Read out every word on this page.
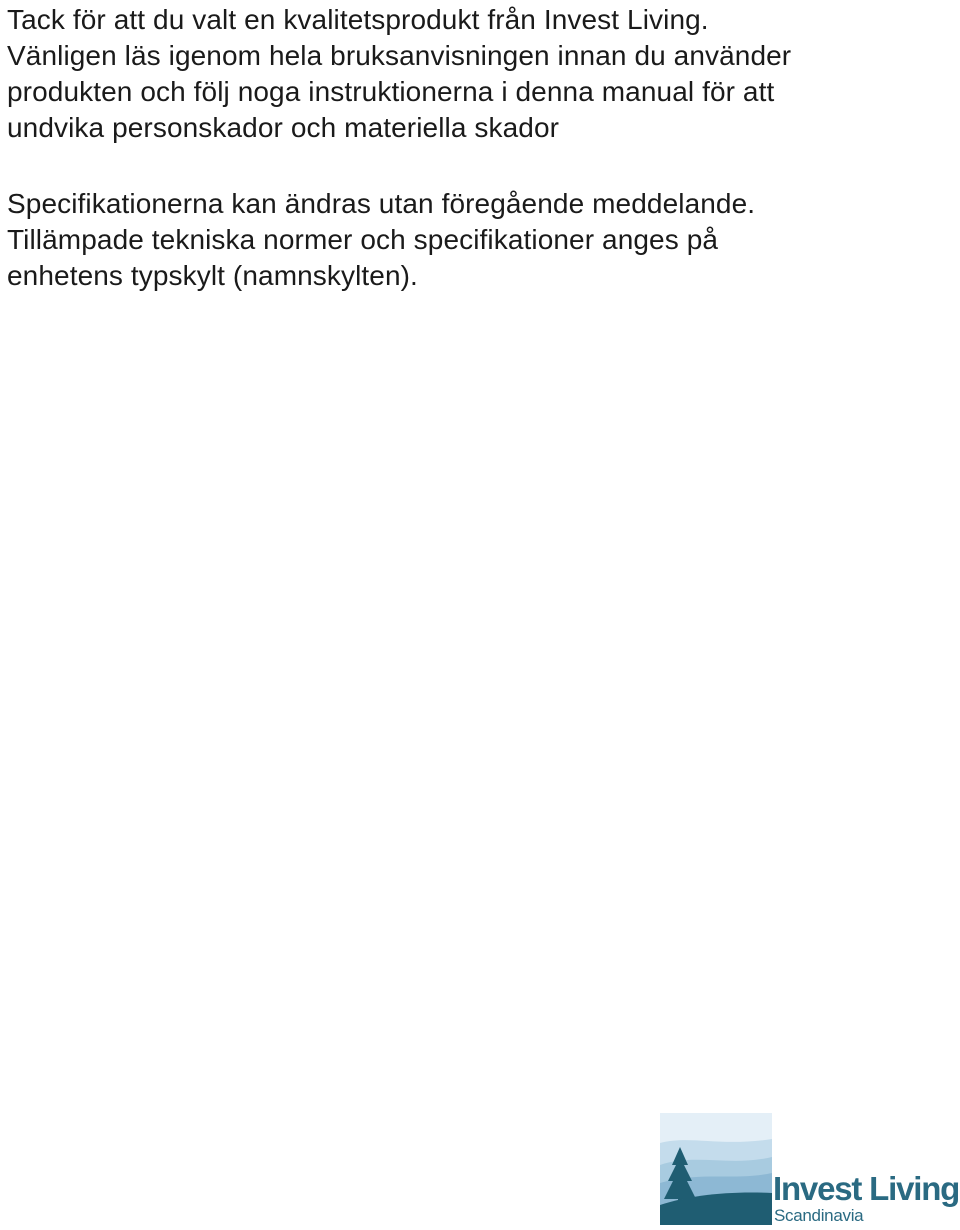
Tack för att du valt en kvalitetsprodukt från Invest Living.
Vänligen läs igenom hela bruksanvisningen innan du använder
produkten och följ noga instruktionerna i denna manual för att
undvika personskador och materiella skador

Specifikationerna kan ändras utan föregående meddelande.
Tillämpade tekniska normer och specifikationer anges på
enhetens typskylt (namnskylten).

Invest Living
Scandinavia
